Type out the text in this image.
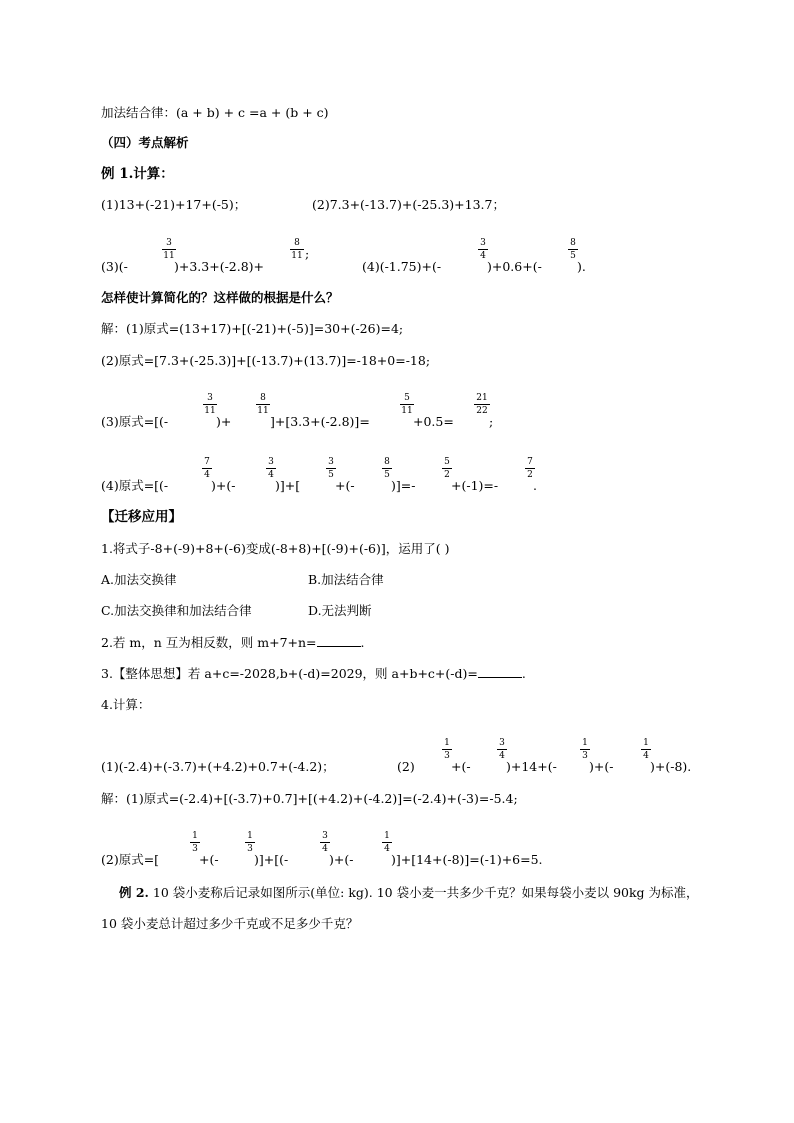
加法结合律：(a + b) + c =a + (b + c)
（四）考点解析
例 1.计算：
(1)13+(-21)+17+(-5)；	(2)7.3+(-13.7)+(-25.3)+13.7；
(3)(-
3
11
)+3.3+(-2.8)+
8
11 ;
(4)(-1.75)+(-
3
4
)+0.6+(-
8
5
).
怎样使计算简化的？这样做的根据是什么？
解：(1)原式=(13+17)+[(-21)+(-5)]=30+(-26)=4;
(2)原式=[7.3+(-25.3)]+[(-13.7)+(13.7)]=-18+0=-18;
(3)原式=[(-
3
11
)+
8
11
]+[3.3+(-2.8)]=
5
11
+0.5=
21
22
;
(4)原式=[(-
7
4
)+(-
3
4
)]+[
3
5
+(-
8
5
)]=-
5
2
+(-1)=-
7
2
.
【迁移应用】
1.将式子-8+(-9)+8+(-6)变成(-8+8)+[(-9)+(-6)]，运用了( )
A.加法交换律	B.加法结合律
C.加法交换律和加法结合律	D.无法判断
2.若 m，n 互为相反数，则 m+7+n=	.
3.【整体思想】若 a+c=-2028,b+(-d)=2029，则 a+b+c+(-d)=	.
4.计算：
(1)(-2.4)+(-3.7)+(+4.2)+0.7+(-4.2)；	(2)
1
3
+(-
3
4
)+14+(-
1
3
)+(-
1
4
)+(-8).
解：(1)原式=(-2.4)+[(-3.7)+0.7]+[(+4.2)+(-4.2)]=(-2.4)+(-3)=-5.4;
(2)原式=[
1
3
+(-
1
3
)]+[(-
3
4
)+(-
1
4
)]+[14+(-8)]=(-1)+6=5.
例 2. 10 袋小麦称后记录如图所示(单位: kg). 10 袋小麦一共多少千克？如果每袋小麦以 90kg 为标准，
10 袋小麦总计超过多少千克或不足多少千克？
